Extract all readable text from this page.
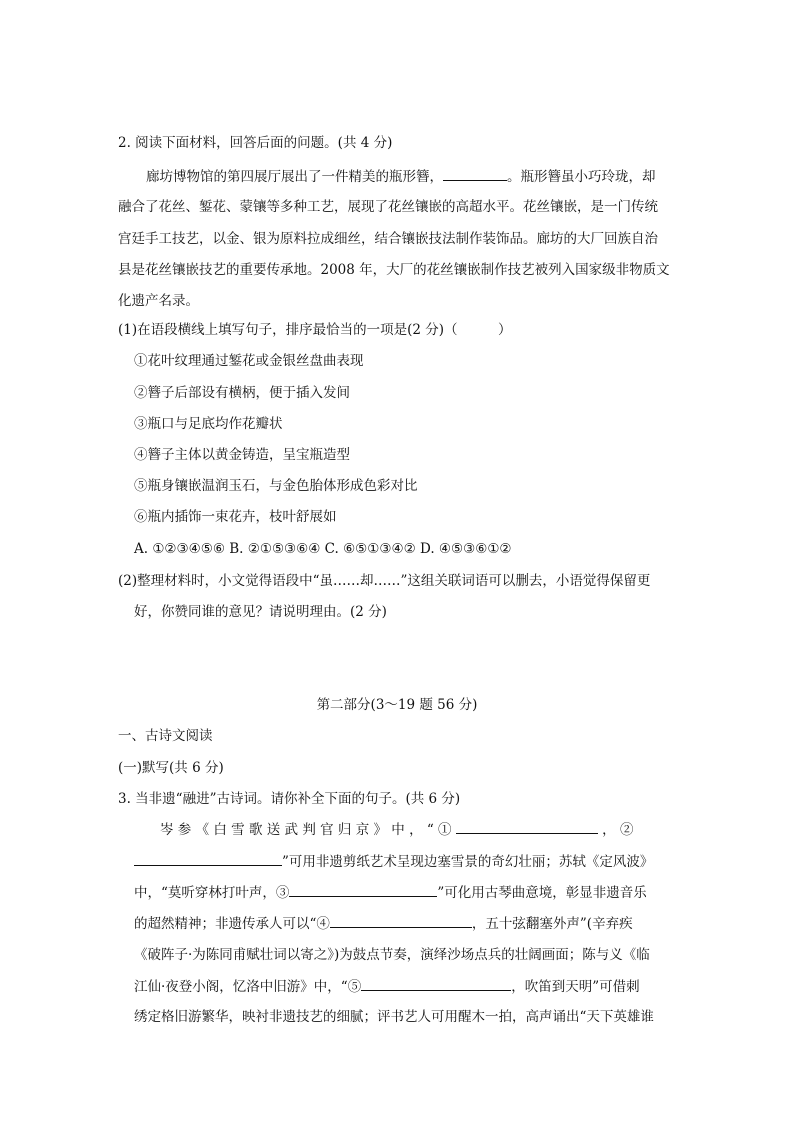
2. 阅读下面材料，回答后面的问题。(共 4 分)
廊坊博物馆的第四展厅展出了一件精美的瓶形簪，	。瓶形簪虽小巧玲珑，却
融合了花丝、錾花、蒙镶等多种工艺，展现了花丝镶嵌的高超水平。花丝镶嵌，是一门传统
宫廷手工技艺，以金、银为原料拉成细丝，结合镶嵌技法制作装饰品。廊坊的大厂回族自治
县是花丝镶嵌技艺的重要传承地。2008 年，大厂的花丝镶嵌制作技艺被列入国家级非物质文
化遗产名录。
(1)在语段横线上填写句子，排序最恰当的一项是(2 分)（　　　）
①花叶纹理通过錾花或金银丝盘曲表现
②簪子后部设有横柄，便于插入发间
③瓶口与足底均作花瓣状
④簪子主体以黄金铸造，呈宝瓶造型
⑤瓶身镶嵌温润玉石，与金色胎体形成色彩对比
⑥瓶内插饰一束花卉，枝叶舒展如
A. ①②③④⑤⑥ B. ②①⑤③⑥④ C. ⑥⑤①③④② D. ④⑤③⑥①②
(2)整理材料时，小文觉得语段中“虽……却……”这组关联词语可以删去，小语觉得保留更
好，你赞同谁的意见？请说明理由。(2 分)
第二部分(3～19 题 56 分)
一、古诗文阅读
(一)默写(共 6 分)
3. 当非遗“融进”古诗词。请你补全下面的句子。(共 6 分)
岑 参 《 白 雪 歌 送 武 判 官 归 京 》 中 ， “ ①	， ②
”可用非遗剪纸艺术呈现边塞雪景的奇幻壮丽；苏轼《定风波》
中，“莫听穿林打叶声，③	”可化用古琴曲意境，彰显非遗音乐
的超然精神；非遗传承人可以“④	，五十弦翻塞外声”(辛弃疾
《破阵子·为陈同甫赋壮词以寄之》)为鼓点节奏，演绎沙场点兵的壮阔画面；陈与义《临
江仙·夜登小阁，忆洛中旧游》中，“⑤	，吹笛到天明”可借刺
绣定格旧游繁华，映衬非遗技艺的细腻；评书艺人可用醒木一拍，高声诵出“天下英雄谁
